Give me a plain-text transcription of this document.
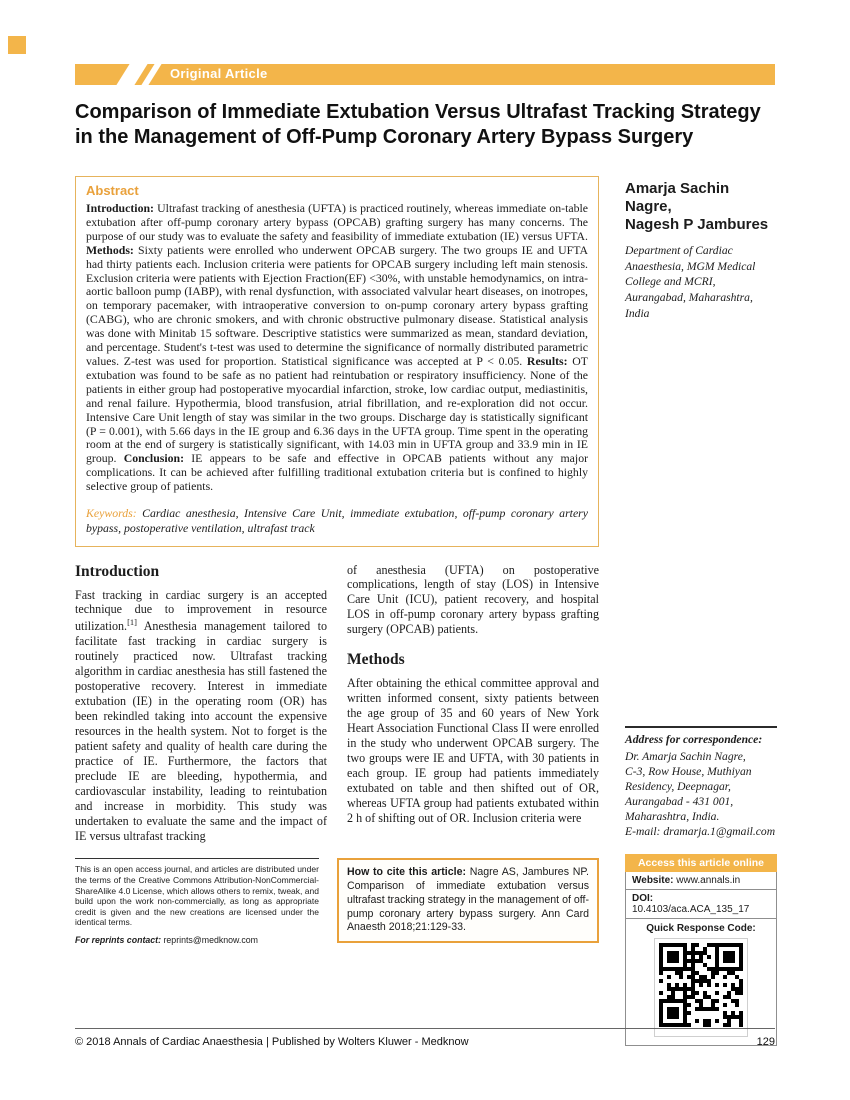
Original Article
Comparison of Immediate Extubation Versus Ultrafast Tracking Strategy in the Management of Off-Pump Coronary Artery Bypass Surgery
Abstract

Introduction: Ultrafast tracking of anesthesia (UFTA) is practiced routinely, whereas immediate on-table extubation after off-pump coronary artery bypass (OPCAB) grafting surgery has many concerns. The purpose of our study was to evaluate the safety and feasibility of immediate extubation (IE) versus UFTA. Methods: Sixty patients were enrolled who underwent OPCAB surgery. The two groups IE and UFTA had thirty patients each. Inclusion criteria were patients for OPCAB surgery including left main stenosis. Exclusion criteria were patients with Ejection Fraction(EF) <30%, with unstable hemodynamics, on intra-aortic balloon pump (IABP), with renal dysfunction, with associated valvular heart diseases, on inotropes, on temporary pacemaker, with intraoperative conversion to on-pump coronary artery bypass grafting (CABG), who are chronic smokers, and with chronic obstructive pulmonary disease. Statistical analysis was done with Minitab 15 software. Descriptive statistics were summarized as mean, standard deviation, and percentage. Student's t-test was used to determine the significance of normally distributed parametric values. Z-test was used for proportion. Statistical significance was accepted at P < 0.05. Results: OT extubation was found to be safe as no patient had reintubation or respiratory insufficiency. None of the patients in either group had postoperative myocardial infarction, stroke, low cardiac output, mediastinitis, and renal failure. Hypothermia, blood transfusion, atrial fibrillation, and re-exploration did not occur. Intensive Care Unit length of stay was similar in the two groups. Discharge day is statistically significant (P = 0.001), with 5.66 days in the IE group and 6.36 days in the UFTA group. Time spent in the operating room at the end of surgery is statistically significant, with 14.03 min in UFTA group and 33.9 min in IE group. Conclusion: IE appears to be safe and effective in OPCAB patients without any major complications. It can be achieved after fulfilling traditional extubation criteria but is confined to highly selective group of patients.

Keywords: Cardiac anesthesia, Intensive Care Unit, immediate extubation, off-pump coronary artery bypass, postoperative ventilation, ultrafast track

Introduction

Fast tracking in cardiac surgery is an accepted technique due to improvement in resource utilization.[1] Anesthesia management tailored to facilitate fast tracking in cardiac surgery is routinely practiced now. Ultrafast tracking algorithm in cardiac anesthesia has still fastened the postoperative recovery. Interest in immediate extubation (IE) in the operating room (OR) has been rekindled taking into account the expensive resources in the health system. Not to forget is the patient safety and quality of health care during the practice of IE. Furthermore, the factors that preclude IE are bleeding, hypothermia, and cardiovascular instability, leading to reintubation and increase in morbidity. This study was undertaken to evaluate the same and the impact of IE versus ultrafast tracking

of anesthesia (UFTA) on postoperative complications, length of stay (LOS) in Intensive Care Unit (ICU), patient recovery, and hospital LOS in off-pump coronary artery bypass grafting surgery (OPCAB) patients.

Methods

After obtaining the ethical committee approval and written informed consent, sixty patients between the age group of 35 and 60 years of New York Heart Association Functional Class II were enrolled in the study who underwent OPCAB surgery. The two groups were IE and UFTA, with 30 patients in each group. IE group had patients immediately extubated on table and then shifted out of OR, whereas UFTA group had patients extubated within 2 h of shifting out of OR. Inclusion criteria were

This is an open access journal, and articles are distributed under the terms of the Creative Commons Attribution-NonCommercial-ShareAlike 4.0 License, which allows others to remix, tweak, and build upon the work non-commercially, as long as appropriate credit is given and the new creations are licensed under the identical terms.
For reprints contact: reprints@medknow.com
How to cite this article: Nagre AS, Jambures NP. Comparison of immediate extubation versus ultrafast tracking strategy in the management of off-pump coronary artery bypass surgery. Ann Card Anaesth 2018;21:129-33.
Amarja Sachin Nagre,
Nagesh P Jambures
Department of Cardiac Anaesthesia, MGM Medical College and MCRI, Aurangabad, Maharashtra, India
Address for correspondence:
Dr. Amarja Sachin Nagre,
C-3, Row House, Muthiyan Residency, Deepnagar,
Aurangabad - 431 001,
Maharashtra, India.
E-mail: dramarja.1@gmail.com
Access this article online
Website: www.annals.in
DOI: 10.4103/aca.ACA_135_17
Quick Response Code:
© 2018 Annals of Cardiac Anaesthesia | Published by Wolters Kluwer - Medknow	129
